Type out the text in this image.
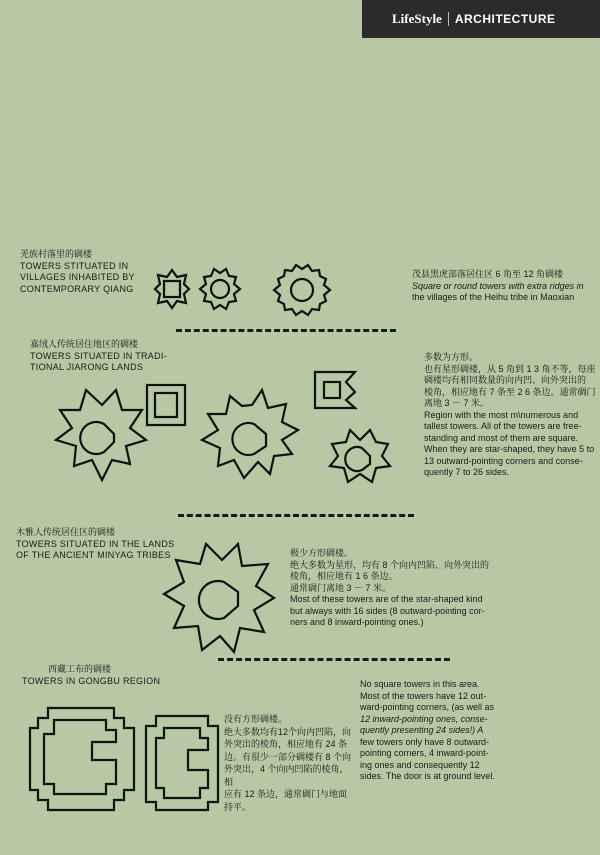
LifeStyle	ARCHITECTURE
羌族村落里的碉楼
TOWERS STITUATED IN
VILLAGES INHABITED BY
CONTEMPORARY QIANG
茂县黑虎部落居住区 6 角至 12 角碉楼
Square or round towers with extra ridges in
the villages of the Heihu tribe in Maoxian
嘉绒人传统居住地区的碉楼
TOWERS SITUATED IN TRADI-
TIONAL JIARONG LANDS
多数为方形。
也有星形碉楼，从 5 角到 1 3 角不等，每座
碉楼均有相同数量的向内凹、向外突出的
棱角，相应地有 7 条至 2 6 条边。通常碉门
离地 3 － 7 米。
Region with the most m\numerous and
tallest towers. All of the towers are free-
standing and most of them are square.
When they are star-shaped, they have 5 to
13 outward-pointing corners and conse-
quently 7 to 26 sides.
木雅人传统居住区的碉楼
TOWERS SITUATED IN THE LANDS
OF THE ANCIENT MINYAG TRIBES	极少方形碉楼。
绝大多数为星形，均有 8 个向内凹陷、向外突出的
棱角，相应地有 1 6 条边。
通常碉门离地 3 － 7 米。
Most of these towers are of the star-shaped kind
but always with 16 sides (8 outward-pointing cor-
ners and 8 inward-pointing ones.)
西藏工布的碉楼
TOWERS IN GONGBU REGION	No square towers in this area.
Most of the towers have 12 out-
ward-pointing corners, (as well as
12 inward-pointing ones, conse-
quently presenting 24 sides!) A
few towers only have 8 outward-
pointing corners, 4 inward-point-
ing ones and consequently 12
sides. The door is at ground level.
没有方形碉楼。
绝大多数均有12个向内凹陷，向
外突出的棱角，相应地有 24 条
边。有很少一部分碉楼有 8 个向
外突出，4 个向内凹陷的棱角，相
应有 12 条边，通常碉门与地面
持平。
